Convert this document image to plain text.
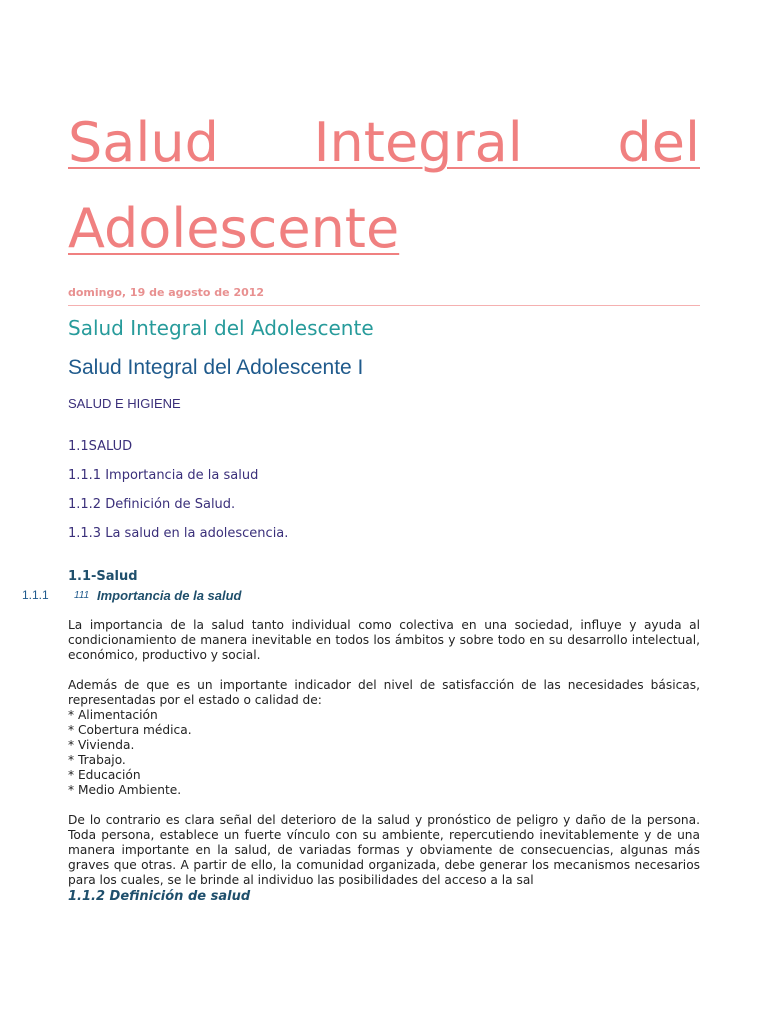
Salud Integral del
Adolescente
domingo, 19 de agosto de 2012
Salud Integral del Adolescente
Salud Integral del Adolescente I
SALUD E HIGIENE
1.1SALUD
1.1.1 Importancia de la salud
1.1.2 Definición de Salud.
1.1.3 La salud en la adolescencia.
1.1-Salud
1.1.1	111 Importancia de la salud

La importancia de la salud tanto individual como colectiva en una sociedad, influye y ayuda al condicionamiento de manera inevitable en todos los ámbitos y sobre todo en su desarrollo intelectual, económico, productivo y social.

Además de que es un importante indicador del nivel de satisfacción de las necesidades básicas, representadas por el estado o calidad de:

* Alimentación
* Cobertura médica.
* Vivienda.
* Trabajo.
* Educación
* Medio Ambiente.

De lo contrario es clara señal del deterioro de la salud y pronóstico de peligro y daño de la persona. Toda persona, establece un fuerte vínculo con su ambiente, repercutiendo inevitablemente y de una manera importante en la salud, de variadas formas y obviamente de consecuencias, algunas más graves que otras. A partir de ello, la comunidad organizada, debe generar los mecanismos necesarios para los cuales, se le brinde al individuo las posibilidades del acceso a la sal

1.1.2 Definición de salud
